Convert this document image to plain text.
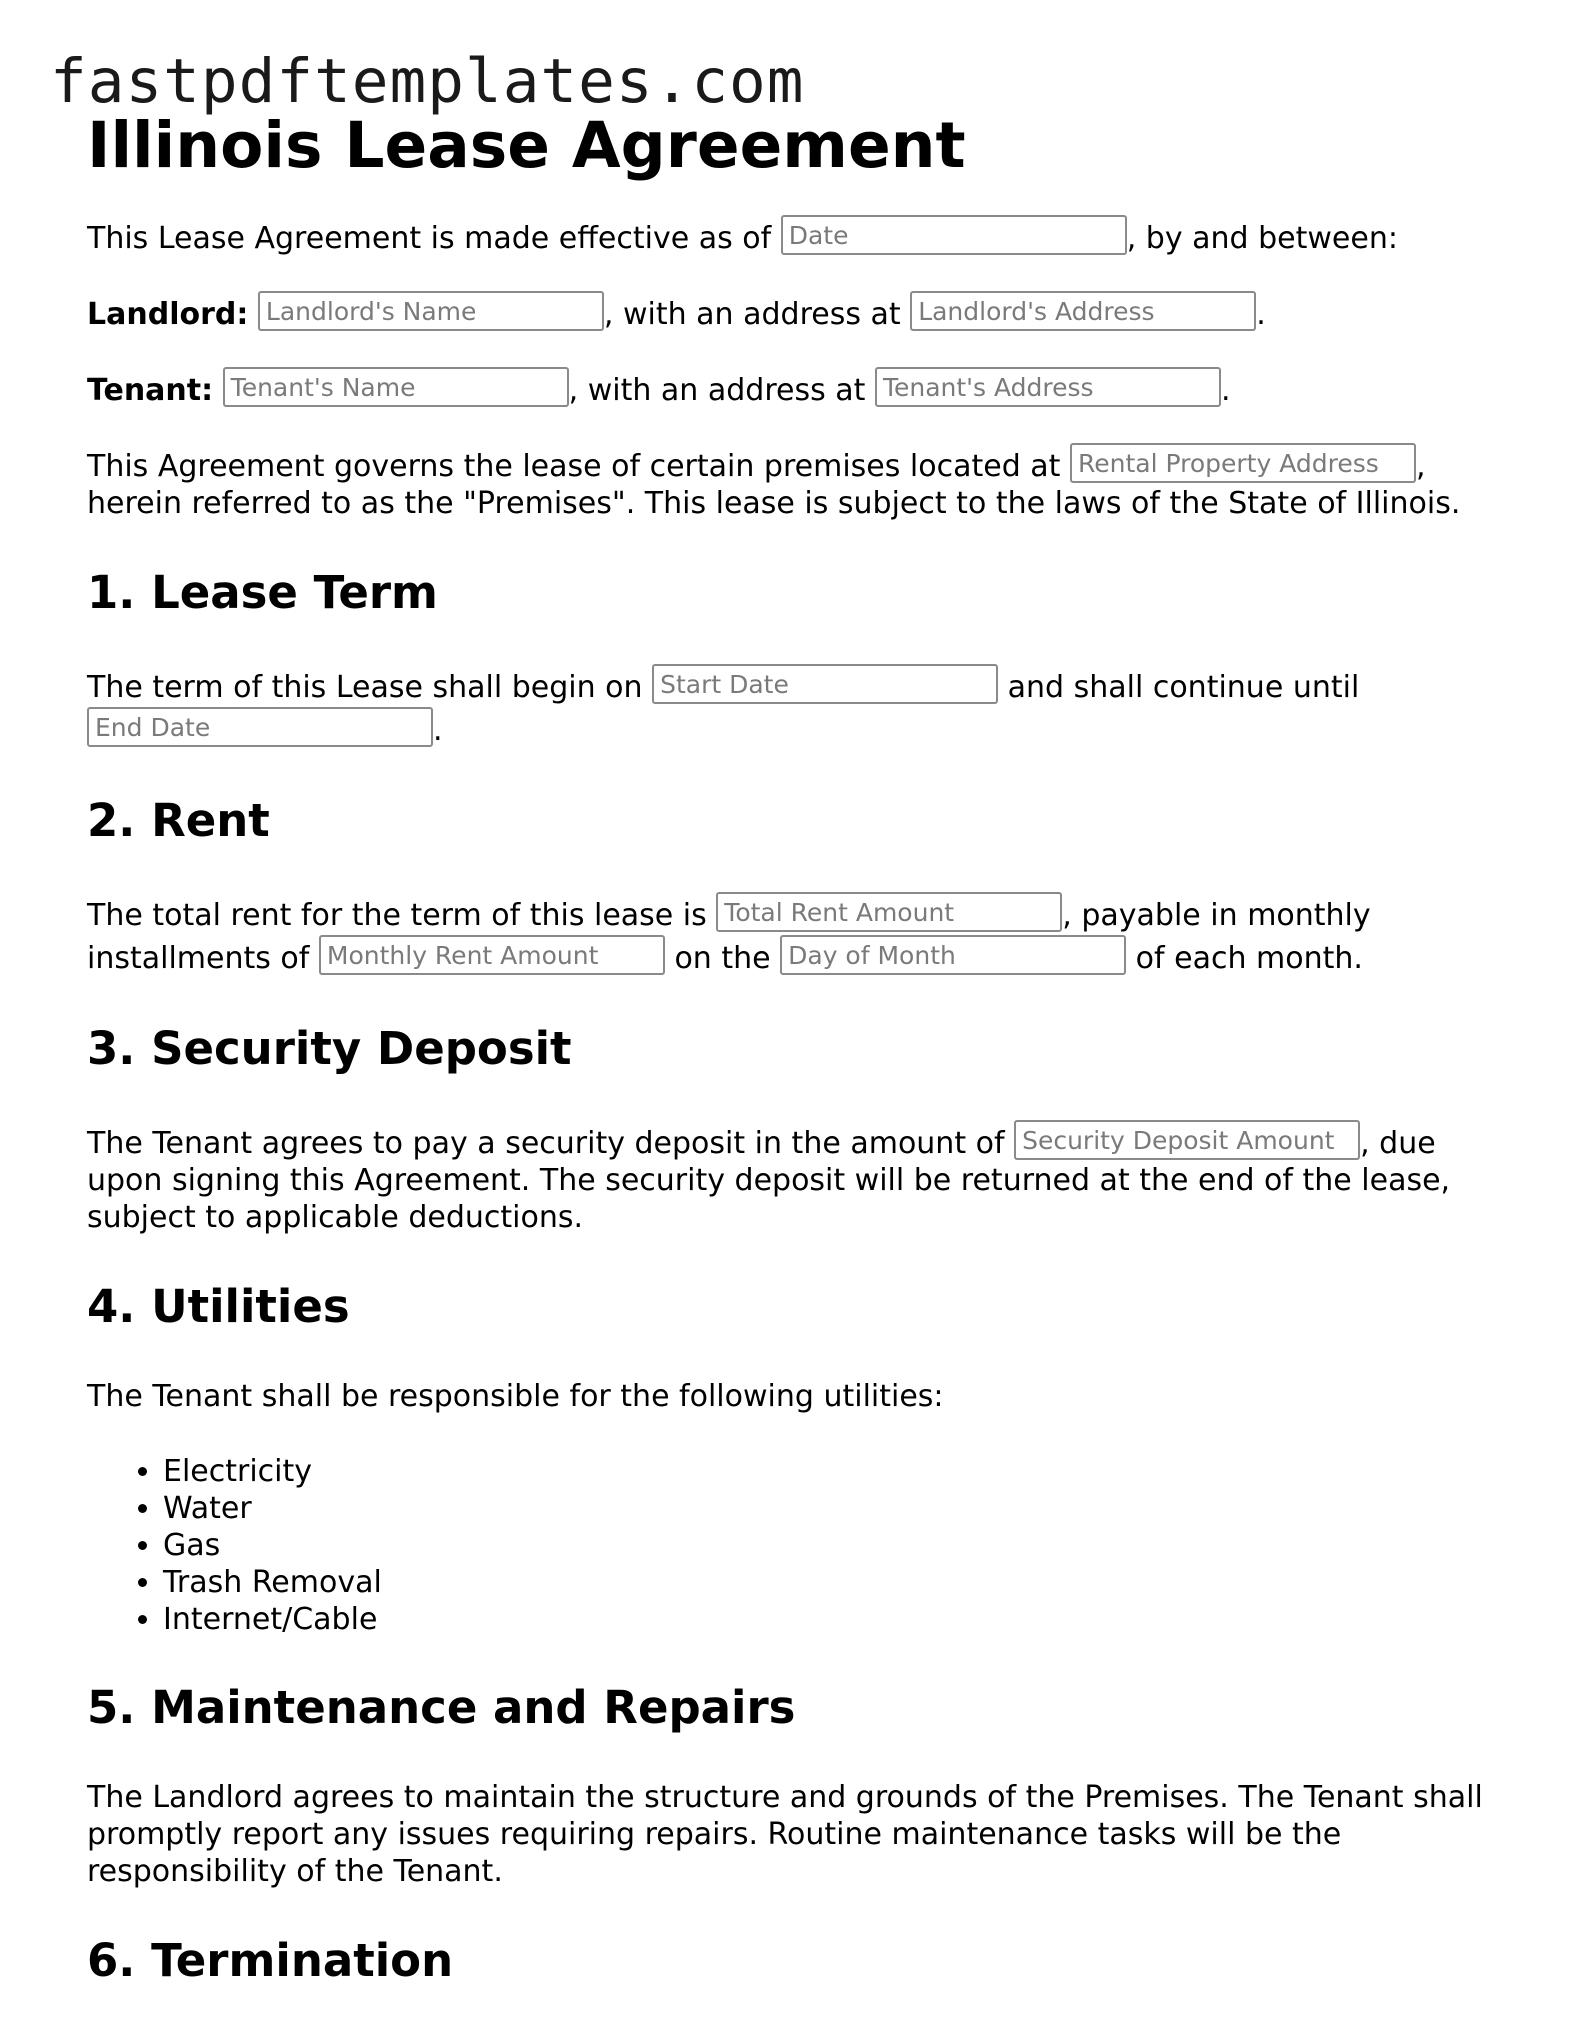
fastpdftemplates.com
Illinois Lease Agreement

This Lease Agreement is made effective as of Date	, by and between:

Landlord: Landlord's Name	, with an address at Landlord's Address	.

Tenant: Tenant's Name	, with an address at Tenant's Address	.

This Agreement governs the lease of certain premises located at Rental Property Address , herein referred to as the "Premises". This lease is subject to the laws of the State of Illinois.

1. Lease Term

The term of this Lease shall begin on Start Date	and shall continue until End Date	.

2. Rent

The total rent for the term of this lease is Total Rent Amount	, payable in monthly installments of Monthly Rent Amount	on the Day of Month	of each month.

3. Security Deposit

The Tenant agrees to pay a security deposit in the amount of Security Deposit Amount , due upon signing this Agreement. The security deposit will be returned at the end of the lease, subject to applicable deductions.

4. Utilities

The Tenant shall be responsible for the following utilities:

• Electricity
• Water
• Gas
• Trash Removal
• Internet/Cable
5. Maintenance and Repairs

The Landlord agrees to maintain the structure and grounds of the Premises. The Tenant shall promptly report any issues requiring repairs. Routine maintenance tasks will be the responsibility of the Tenant.

6. Termination
